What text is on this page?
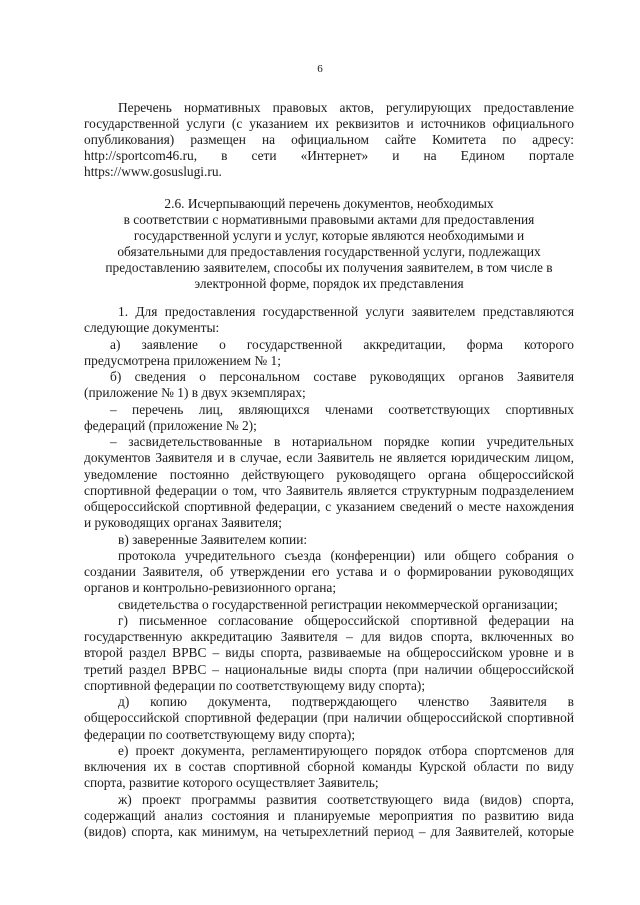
6
Перечень нормативных правовых актов, регулирующих предоставление
государственной услуги (с указанием их реквизитов и источников официального
опубликования) размещен на официальном сайте Комитета по адресу:
http://sportcom46.ru, в сети «Интернет» и на Едином портале
https://www.gosuslugi.ru.
2.6. Исчерпывающий перечень документов, необходимых
в соответствии с нормативными правовыми актами для предоставления
государственной услуги и услуг, которые являются необходимыми и
обязательными для предоставления государственной услуги, подлежащих
предоставлению заявителем, способы их получения заявителем, в том числе в
электронной форме, порядок их представления
1. Для предоставления государственной услуги заявителем представляются
следующие документы:
а) заявление о государственной аккредитации, форма которого
предусмотрена приложением № 1;
б) сведения о персональном составе руководящих органов Заявителя
(приложение № 1) в двух экземплярах;
– перечень лиц, являющихся членами соответствующих спортивных
федераций (приложение № 2);
– засвидетельствованные в нотариальном порядке копии учредительных
документов Заявителя и в случае, если Заявитель не является юридическим лицом,
уведомление постоянно действующего руководящего органа общероссийской
спортивной федерации о том, что Заявитель является структурным подразделением
общероссийской спортивной федерации, с указанием сведений о месте нахождения
и руководящих органах Заявителя;
в) заверенные Заявителем копии:
протокола учредительного съезда (конференции) или общего собрания о
создании Заявителя, об утверждении его устава и о формировании руководящих
органов и контрольно-ревизионного органа;
свидетельства о государственной регистрации некоммерческой организации;
г) письменное согласование общероссийской спортивной федерации на
государственную аккредитацию Заявителя – для видов спорта, включенных во
второй раздел ВРВС – виды спорта, развиваемые на общероссийском уровне и в
третий раздел ВРВС – национальные виды спорта (при наличии общероссийской
спортивной федерации по соответствующему виду спорта);
д) копию документа, подтверждающего членство Заявителя в
общероссийской спортивной федерации (при наличии общероссийской спортивной
федерации по соответствующему виду спорта);
е) проект документа, регламентирующего порядок отбора спортсменов для
включения их в состав спортивной сборной команды Курской области по виду
спорта, развитие которого осуществляет Заявитель;
ж) проект программы развития соответствующего вида (видов) спорта,
содержащий анализ состояния и планируемые мероприятия по развитию вида
(видов) спорта, как минимум, на четырехлетний период – для Заявителей, которые
